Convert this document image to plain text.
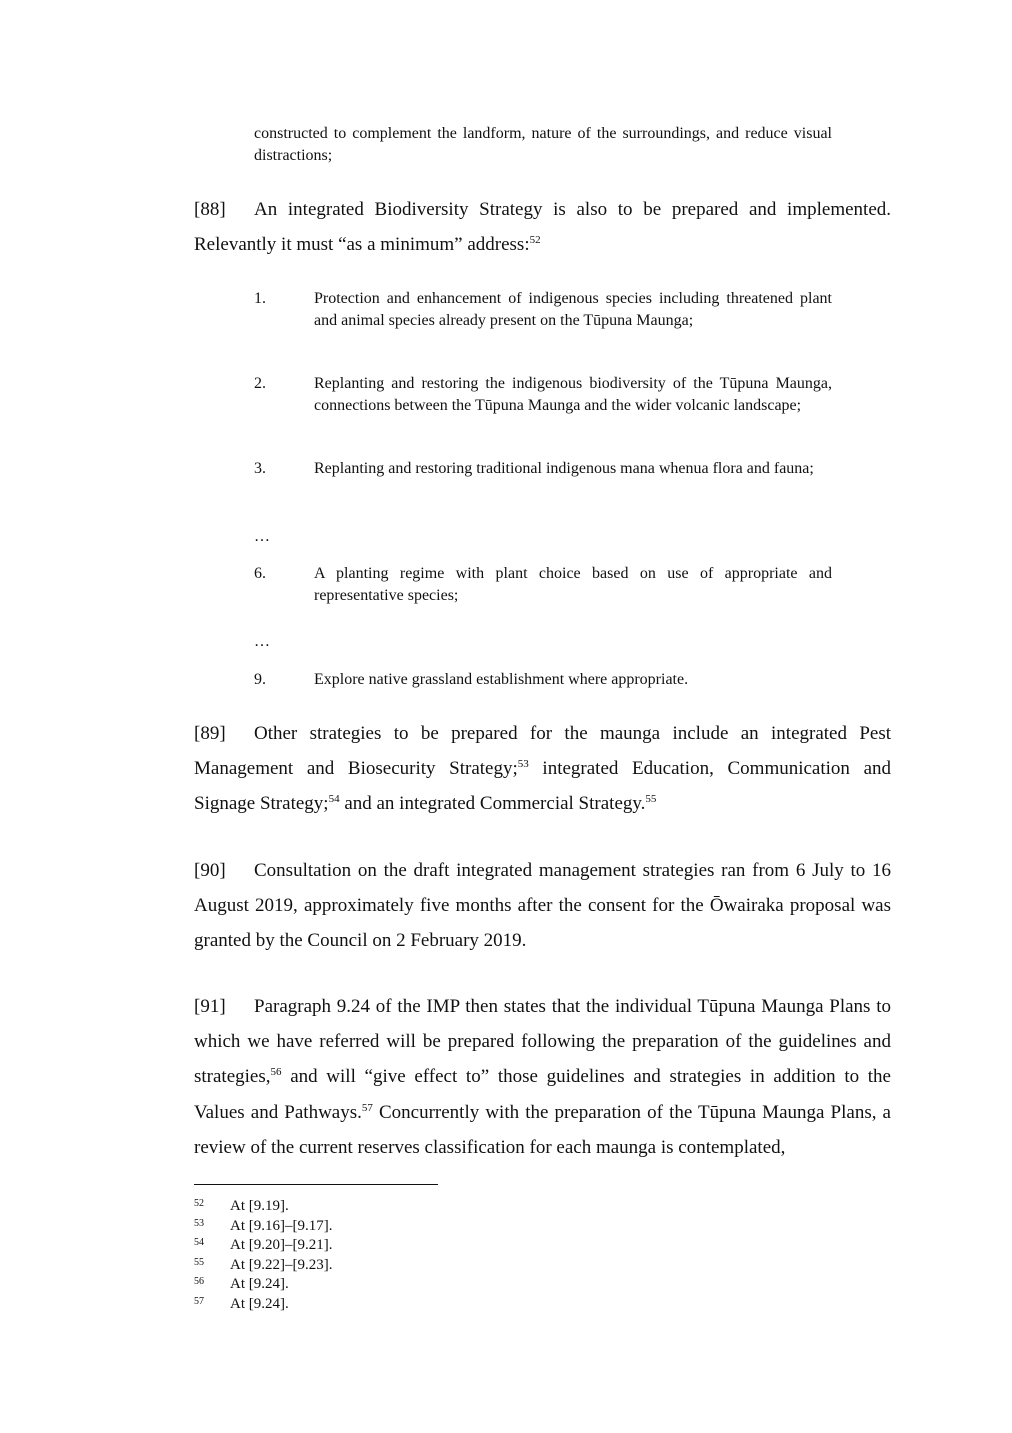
constructed to complement the landform, nature of the surroundings, and reduce visual distractions;
[88] An integrated Biodiversity Strategy is also to be prepared and implemented. Relevantly it must “as a minimum” address:$^{52}$
1.	Protection and enhancement of indigenous species including threatened plant and animal species already present on the Tūpuna Maunga;
2.	Replanting and restoring the indigenous biodiversity of the Tūpuna Maunga, connections between the Tūpuna Maunga and the wider volcanic landscape;
3.	Replanting and restoring traditional indigenous mana whenua flora and fauna;
…
6.	A planting regime with plant choice based on use of appropriate and representative species;
…
9.	Explore native grassland establishment where appropriate.
[89] Other strategies to be prepared for the maunga include an integrated Pest Management and Biosecurity Strategy;$^{53}$ integrated Education, Communication and Signage Strategy;$^{54}$ and an integrated Commercial Strategy.$^{55}$
[90] Consultation on the draft integrated management strategies ran from 6 July to 16 August 2019, approximately five months after the consent for the Ōwairaka proposal was granted by the Council on 2 February 2019.
[91] Paragraph 9.24 of the IMP then states that the individual Tūpuna Maunga Plans to which we have referred will be prepared following the preparation of the guidelines and strategies,$^{56}$ and will “give effect to” those guidelines and strategies in addition to the Values and Pathways.$^{57}$ Concurrently with the preparation of the Tūpuna Maunga Plans, a review of the current reserves classification for each maunga is contemplated,
52 At [9.19].
53 At [9.16]–[9.17].
54 At [9.20]–[9.21].
55 At [9.22]–[9.23].
56 At [9.24].
57 At [9.24].
